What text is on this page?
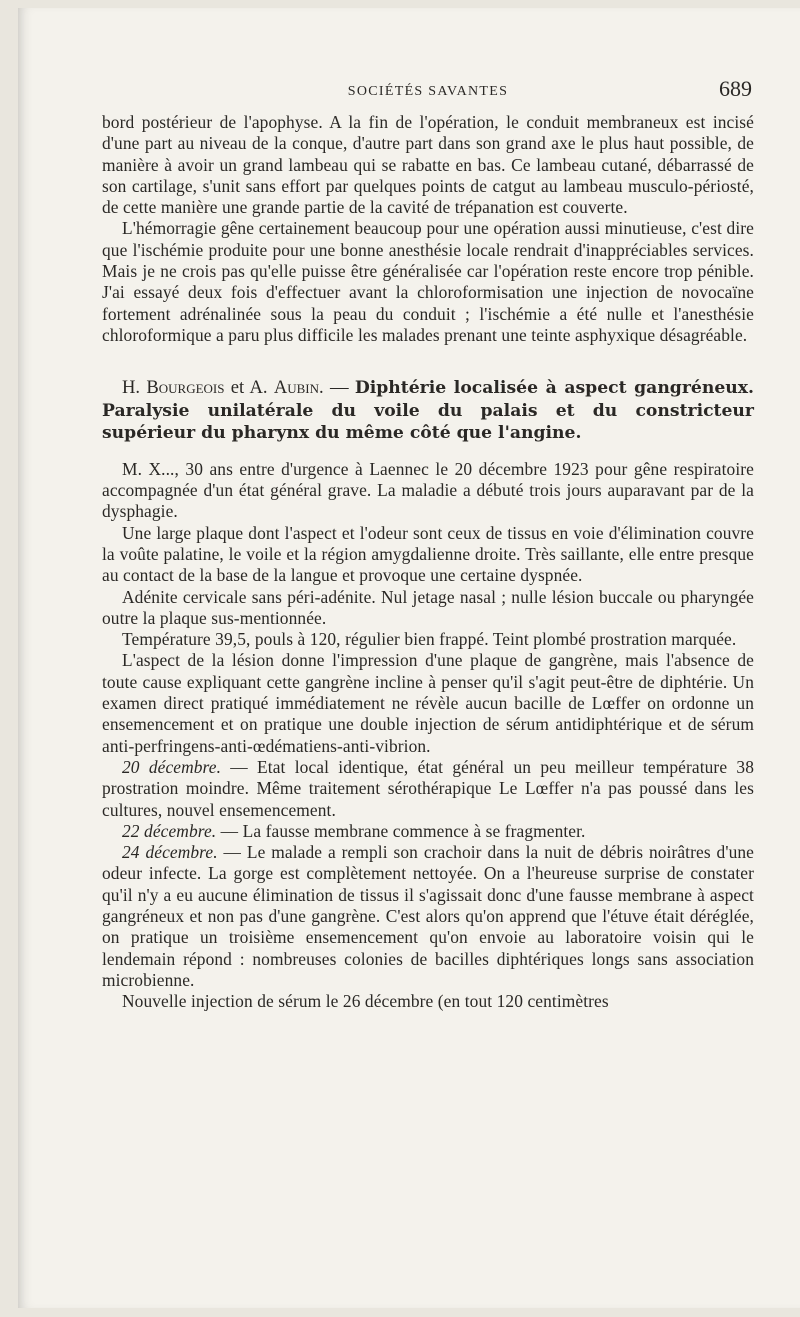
SOCIÉTÉS SAVANTES	689

bord postérieur de l'apophyse. A la fin de l'opération, le conduit membraneux est incisé d'une part au niveau de la conque, d'autre part dans son grand axe le plus haut possible, de manière à avoir un grand lambeau qui se rabatte en bas. Ce lambeau cutané, débarrassé de son cartilage, s'unit sans effort par quelques points de catgut au lambeau musculo-périosté, de cette manière une grande partie de la cavité de trépanation est couverte.

L'hémorragie gêne certainement beaucoup pour une opération aussi minutieuse, c'est dire que l'ischémie produite pour une bonne anesthésie locale rendrait d'inappréciables services. Mais je ne crois pas qu'elle puisse être généralisée car l'opération reste encore trop pénible. J'ai essayé deux fois d'effectuer avant la chloroformisation une injection de novocaïne fortement adrénalinée sous la peau du conduit ; l'ischémie a été nulle et l'anesthésie chloroformique a paru plus difficile les malades prenant une teinte asphyxique désagréable.

H. Bourgeois et A. Aubin. — Diphtérie localisée à aspect gangréneux. Paralysie unilatérale du voile du palais et du constricteur supérieur du pharynx du même côté que l'angine.

M. X..., 30 ans entre d'urgence à Laennec le 20 décembre 1923 pour gêne respiratoire accompagnée d'un état général grave. La maladie a débuté trois jours auparavant par de la dysphagie.

Une large plaque dont l'aspect et l'odeur sont ceux de tissus en voie d'élimination couvre la voûte palatine, le voile et la région amygdalienne droite. Très saillante, elle entre presque au contact de la base de la langue et provoque une certaine dyspnée.

Adénite cervicale sans péri-adénite. Nul jetage nasal ; nulle lésion buccale ou pharyngée outre la plaque sus-mentionnée.

Température 39,5, pouls à 120, régulier bien frappé. Teint plombé prostration marquée.

L'aspect de la lésion donne l'impression d'une plaque de gangrène, mais l'absence de toute cause expliquant cette gangrène incline à penser qu'il s'agit peut-être de diphtérie. Un examen direct pratiqué immédiatement ne révèle aucun bacille de Lœffer on ordonne un ensemencement et on pratique une double injection de sérum antidiphtérique et de sérum anti-perfringens-anti-œdématiens-anti-vibrion.

20 décembre. — Etat local identique, état général un peu meilleur température 38 prostration moindre. Même traitement sérothérapique Le Lœffer n'a pas poussé dans les cultures, nouvel ensemencement.

22 décembre. — La fausse membrane commence à se fragmenter.

24 décembre. — Le malade a rempli son crachoir dans la nuit de débris noirâtres d'une odeur infecte. La gorge est complètement nettoyée. On a l'heureuse surprise de constater qu'il n'y a eu aucune élimination de tissus il s'agissait donc d'une fausse membrane à aspect gangréneux et non pas d'une gangrène. C'est alors qu'on apprend que l'étuve était déréglée, on pratique un troisième ensemencement qu'on envoie au laboratoire voisin qui le lendemain répond : nombreuses colonies de bacilles diphtériques longs sans association microbienne.

Nouvelle injection de sérum le 26 décembre (en tout 120 centimètres
